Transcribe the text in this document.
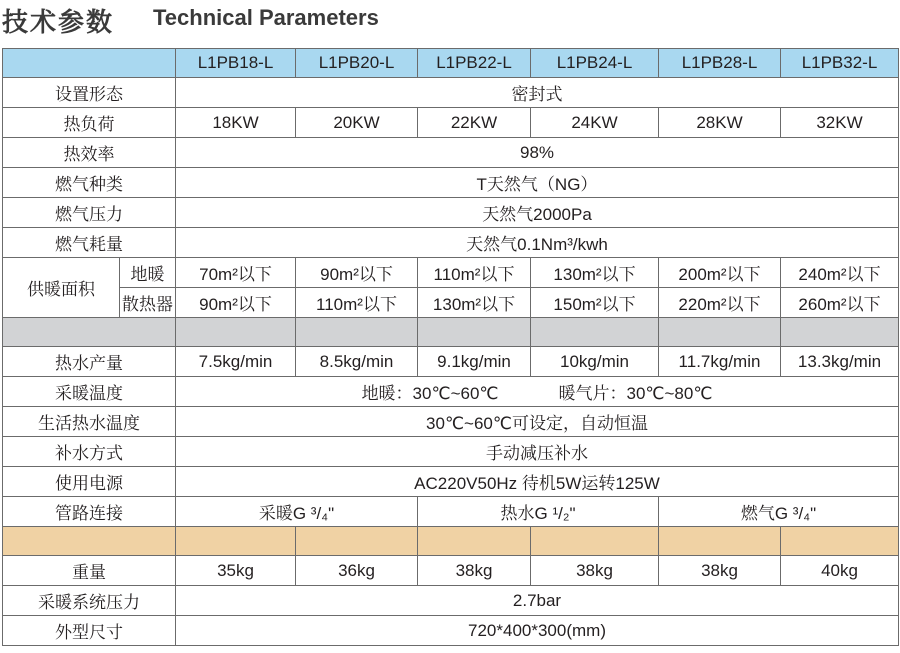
技术参数 Technical Parameters
		L1PB18-L	L1PB20-L	L1PB22-L	L1PB24-L	L1PB28-L	L1PB32-L
设置形态		密封式					
热负荷		18KW	20KW	22KW	24KW	28KW	32KW
热效率		98%					
燃气种类		T天然气（NG）					
燃气压力		天然气2000Pa					
燃气耗量		天然气0.1Nm³/kwh					
供暖面积	地暖	70m²以下	90m²以下	110m²以下	130m²以下	200m²以下	240m²以下
	散热器	90m²以下	110m²以下	130m²以下	150m²以下	220m²以下	260m²以下

热水产量		7.5kg/min	8.5kg/min	9.1kg/min	10kg/min	11.7kg/min	13.3kg/min
采暖温度		地暖：30℃~60℃ 暖气片：30℃~80℃					
生活热水温度		30℃~60℃可设定，自动恒温					
补水方式		手动减压补水					
使用电源		AC220V50Hz 待机5W运转125W					
管路连接		采暖G ³/₄"		热水G ¹/₂"		燃气G ³/₄"	

重量		35kg	36kg	38kg	38kg	38kg	40kg
采暖系统压力		2.7bar					
外型尺寸		720*400*300(mm)					
